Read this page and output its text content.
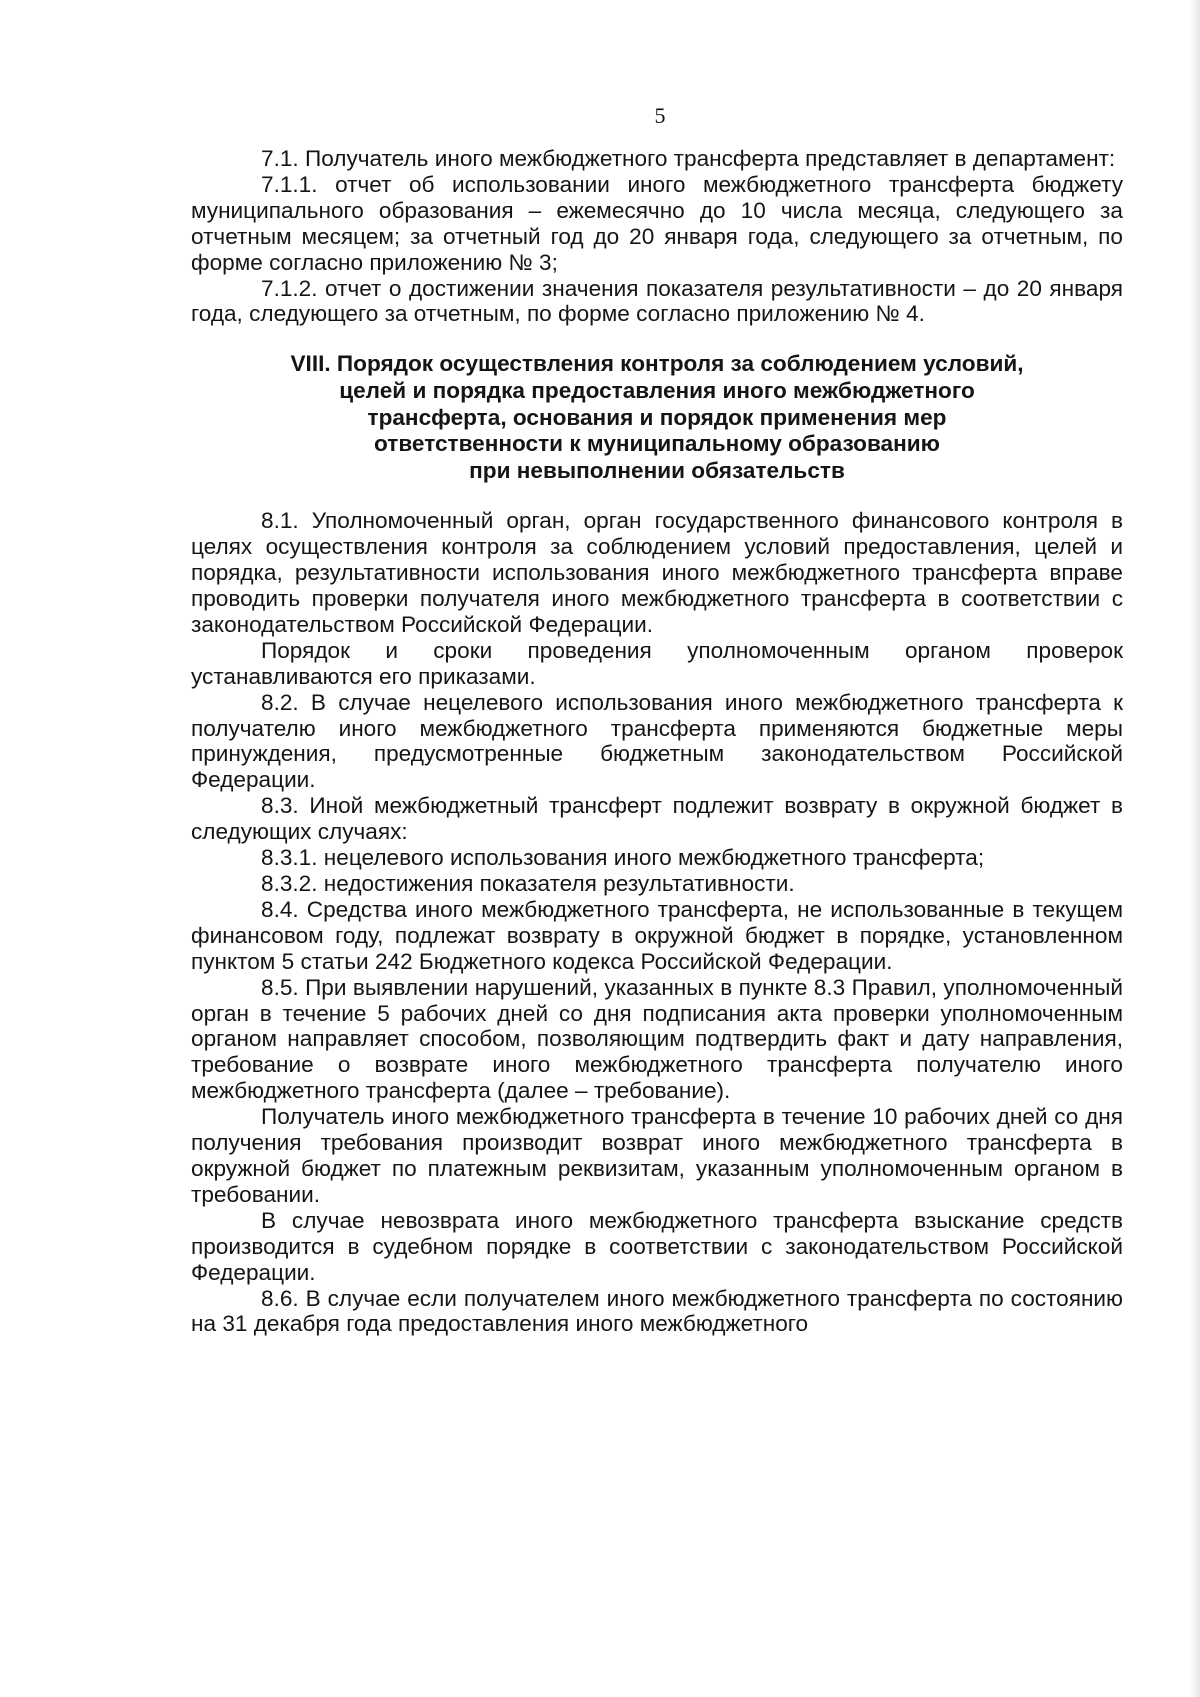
5

7.1. Получатель иного межбюджетного трансферта представляет в департамент:

7.1.1. отчет об использовании иного межбюджетного трансферта бюджету муниципального образования – ежемесячно до 10 числа месяца, следующего за отчетным месяцем; за отчетный год до 20 января года, следующего за отчетным, по форме согласно приложению № 3;

7.1.2. отчет о достижении значения показателя результативности – до 20 января года, следующего за отчетным, по форме согласно приложению № 4.

VIII. Порядок осуществления контроля за соблюдением условий,
целей и порядка предоставления иного межбюджетного
трансферта, основания и порядок применения мер
ответственности к муниципальному образованию
при невыполнении обязательств

8.1. Уполномоченный орган, орган государственного финансового контроля в целях осуществления контроля за соблюдением условий предоставления, целей и порядка, результативности использования иного межбюджетного трансферта вправе проводить проверки получателя иного межбюджетного трансферта в соответствии с законодательством Российской Федерации.

Порядок и сроки проведения уполномоченным органом проверок устанавливаются его приказами.

8.2. В случае нецелевого использования иного межбюджетного трансферта к получателю иного межбюджетного трансферта применяются бюджетные меры принуждения, предусмотренные бюджетным законодательством Российской Федерации.

8.3. Иной межбюджетный трансферт подлежит возврату в окружной бюджет в следующих случаях:

8.3.1. нецелевого использования иного межбюджетного трансферта;

8.3.2. недостижения показателя результативности.

8.4. Средства иного межбюджетного трансферта, не использованные в текущем финансовом году, подлежат возврату в окружной бюджет в порядке, установленном пунктом 5 статьи 242 Бюджетного кодекса Российской Федерации.

8.5. При выявлении нарушений, указанных в пункте 8.3 Правил, уполномоченный орган в течение 5 рабочих дней со дня подписания акта проверки уполномоченным органом направляет способом, позволяющим подтвердить факт и дату направления, требование о возврате иного межбюджетного трансферта получателю иного межбюджетного трансферта (далее – требование).

Получатель иного межбюджетного трансферта в течение 10 рабочих дней со дня получения требования производит возврат иного межбюджетного трансферта в окружной бюджет по платежным реквизитам, указанным уполномоченным органом в требовании.

В случае невозврата иного межбюджетного трансферта взыскание средств производится в судебном порядке в соответствии с законодательством Российской Федерации.

8.6. В случае если получателем иного межбюджетного трансферта по состоянию на 31 декабря года предоставления иного межбюджетного
